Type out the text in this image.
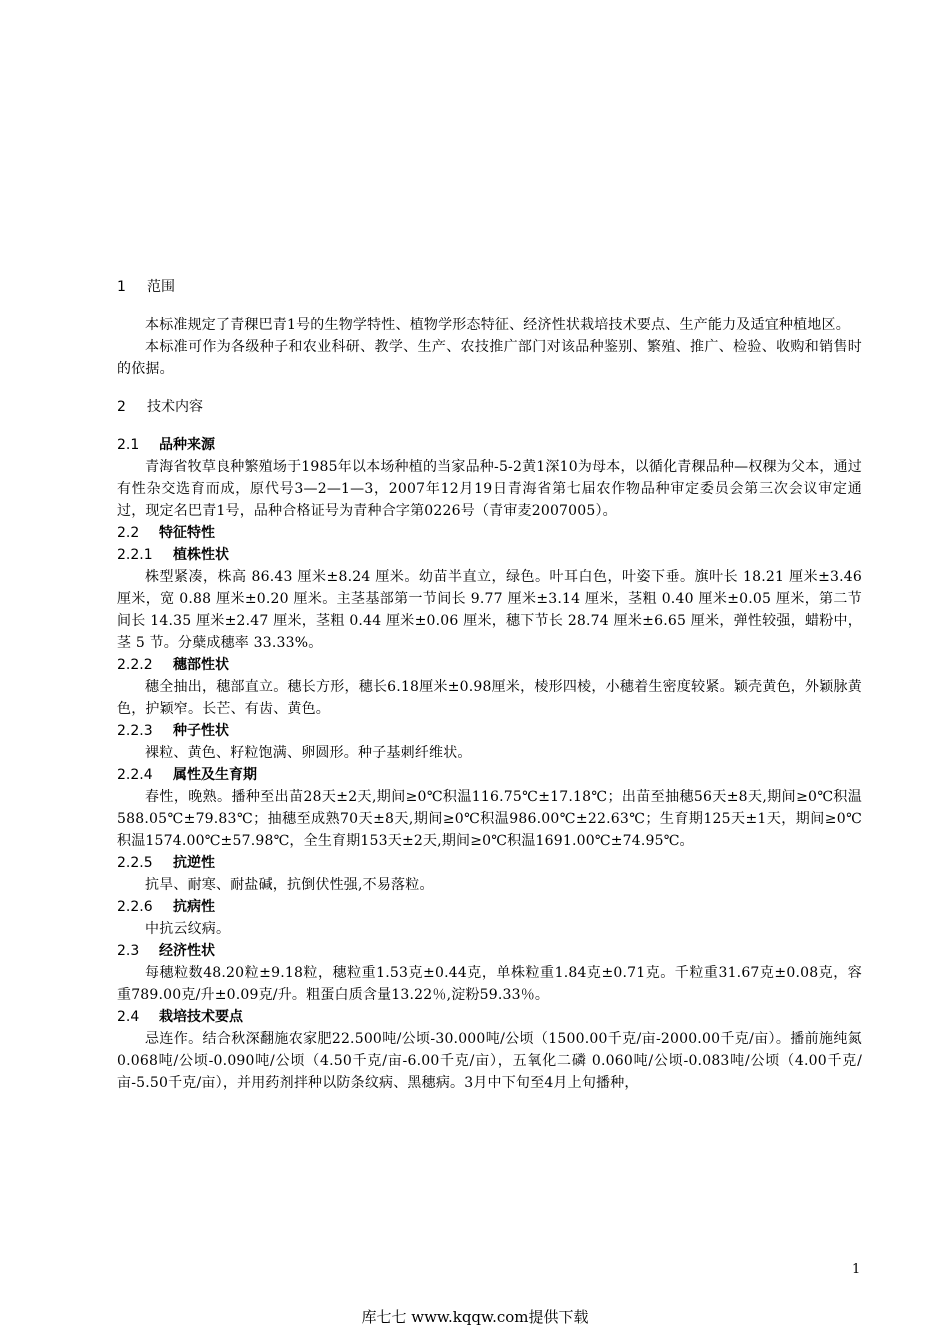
1 范围

本标准规定了青稞巴青1号的生物学特性、植物学形态特征、经济性状栽培技术要点、生产能力及适宜种植地区。

本标准可作为各级种子和农业科研、教学、生产、农技推广部门对该品种鉴别、繁殖、推广、检验、收购和销售时的依据。

2 技术内容
2.1 品种来源

青海省牧草良种繁殖场于1985年以本场种植的当家品种-5-2黄1深10为母本，以循化青稞品种—权稞为父本，通过有性杂交选育而成，原代号3—2—1—3，2007年12月19日青海省第七届农作物品种审定委员会第三次会议审定通过，现定名巴青1号，品种合格证号为青种合字第0226号（青审麦2007005）。

2.2 特征特性
2.2.1 植株性状

株型紧凑，株高 86.43 厘米±8.24 厘米。幼苗半直立，绿色。叶耳白色，叶姿下垂。旗叶长 18.21 厘米±3.46 厘米，宽 0.88 厘米±0.20 厘米。主茎基部第一节间长 9.77 厘米±3.14 厘米，茎粗 0.40 厘米±0.05 厘米，第二节间长 14.35 厘米±2.47 厘米，茎粗 0.44 厘米±0.06 厘米，穗下节长 28.74 厘米±6.65 厘米，弹性较强，蜡粉中，茎 5 节。分蘖成穗率 33.33%。

2.2.2 穗部性状

穗全抽出，穗部直立。穗长方形，穗长6.18厘米±0.98厘米，棱形四棱，小穗着生密度较紧。颖壳黄色，外颖脉黄色，护颖窄。长芒、有齿、黄色。

2.2.3 种子性状

裸粒、黄色、籽粒饱满、卵圆形。种子基刺纤维状。

2.2.4 属性及生育期

春性，晚熟。播种至出苗28天±2天,期间≥0℃积温116.75℃±17.18℃；出苗至抽穗56天±8天,期间≥0℃积温588.05℃±79.83℃；抽穗至成熟70天±8天,期间≥0℃积温986.00℃±22.63℃；生育期125天±1天，期间≥0℃积温1574.00℃±57.98℃，全生育期153天±2天,期间≥0℃积温1691.00℃±74.95℃。

2.2.5 抗逆性

抗旱、耐寒、耐盐碱，抗倒伏性强,不易落粒。

2.2.6 抗病性

中抗云纹病。

2.3 经济性状

每穗粒数48.20粒±9.18粒，穗粒重1.53克±0.44克，单株粒重1.84克±0.71克。千粒重31.67克±0.08克，容重789.00克/升±0.09克/升。粗蛋白质含量13.22％,淀粉59.33％。

2.4 栽培技术要点

忌连作。结合秋深翻施农家肥22.500吨/公顷-30.000吨/公顷（1500.00千克/亩-2000.00千克/亩）。播前施纯氮0.068吨/公顷-0.090吨/公顷（4.50千克/亩-6.00千克/亩），五氧化二磷 0.060吨/公顷-0.083吨/公顷（4.00千克/亩-5.50千克/亩），并用药剂拌种以防条纹病、黑穗病。3月中下旬至4月上旬播种，

1
库七七 www.kqqw.com提供下载
